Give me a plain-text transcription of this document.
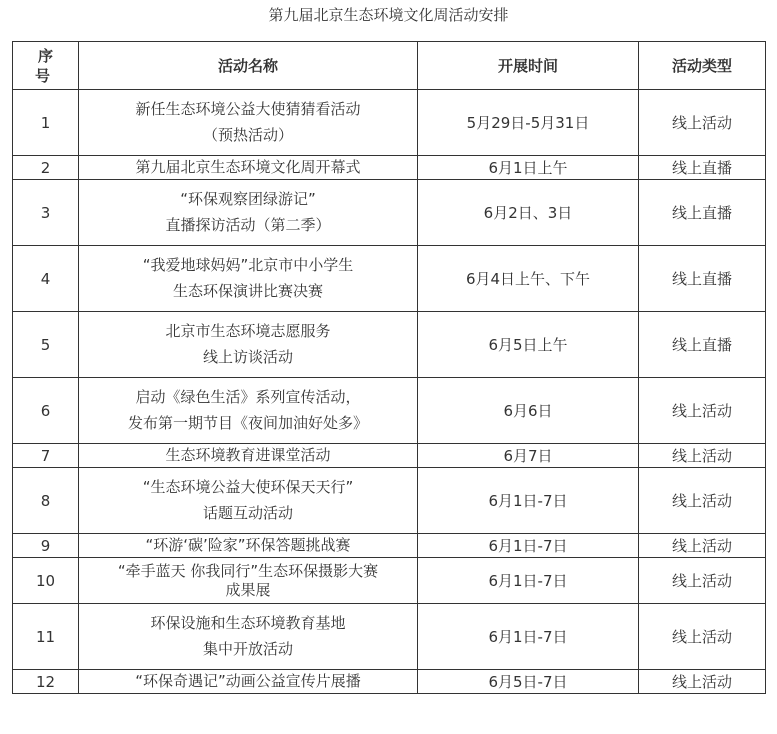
第九届北京生态环境文化周活动安排
序
号	活动名称	开展时间	活动类型
1	新任生态环境公益大使猜猜看活动
（预热活动）	5月29日-5月31日	线上活动
2	第九届北京生态环境文化周开幕式	6月1日上午	线上直播
3	“环保观察团绿游记”
直播探访活动（第二季）	6月2日、3日	线上直播
4	“我爱地球妈妈”北京市中小学生
生态环保演讲比赛决赛	6月4日上午、下午	线上直播
5	北京市生态环境志愿服务
线上访谈活动	6月5日上午	线上直播
6	启动《绿色生活》系列宣传活动，
发布第一期节目《夜间加油好处多》	6月6日	线上活动
7	生态环境教育进课堂活动	6月7日	线上活动
8	“生态环境公益大使环保天天行”
话题互动活动	6月1日-7日	线上活动
9	“环游‘碳’险家”环保答题挑战赛	6月1日-7日	线上活动
10	“牵手蓝天 你我同行”生态环保摄影大赛
成果展	6月1日-7日	线上活动
11	环保设施和生态环境教育基地
集中开放活动	6月1日-7日	线上活动
12	“环保奇遇记”动画公益宣传片展播	6月5日-7日	线上活动
